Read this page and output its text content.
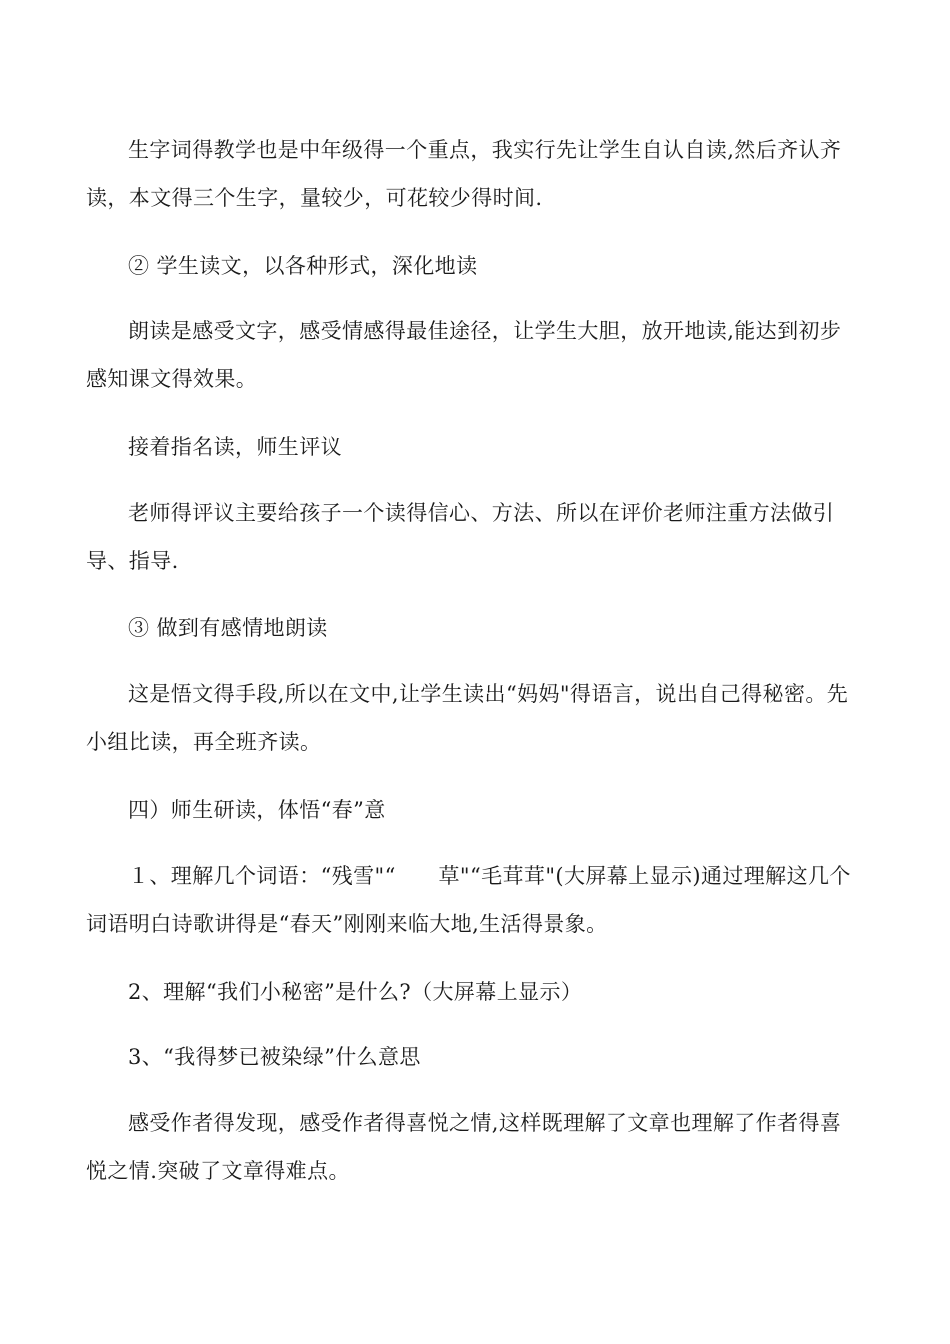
生字词得教学也是中年级得一个重点，我实行先让学生自认自读,然后齐认齐读，本文得三个生字，量较少，可花较少得时间.

② 学生读文，以各种形式，深化地读

朗读是感受文字，感受情感得最佳途径，让学生大胆，放开地读,能达到初步感知课文得效果。

接着指名读，师生评议

老师得评议主要给孩子一个读得信心、方法、所以在评价老师注重方法做引导、指导.

③ 做到有感情地朗读

这是悟文得手段,所以在文中,让学生读出“妈妈"得语言，说出自己得秘密。先小组比读，再全班齐读。

四）师生研读，体悟“春”意

１、理解几个词语：“残雪"“　　草"“毛茸茸"(大屏幕上显示)通过理解这几个词语明白诗歌讲得是“春天”刚刚来临大地,生活得景象。

2、理解“我们小秘密”是什么?（大屏幕上显示）

3、“我得梦已被染绿”什么意思

感受作者得发现，感受作者得喜悦之情,这样既理解了文章也理解了作者得喜悦之情.突破了文章得难点。
